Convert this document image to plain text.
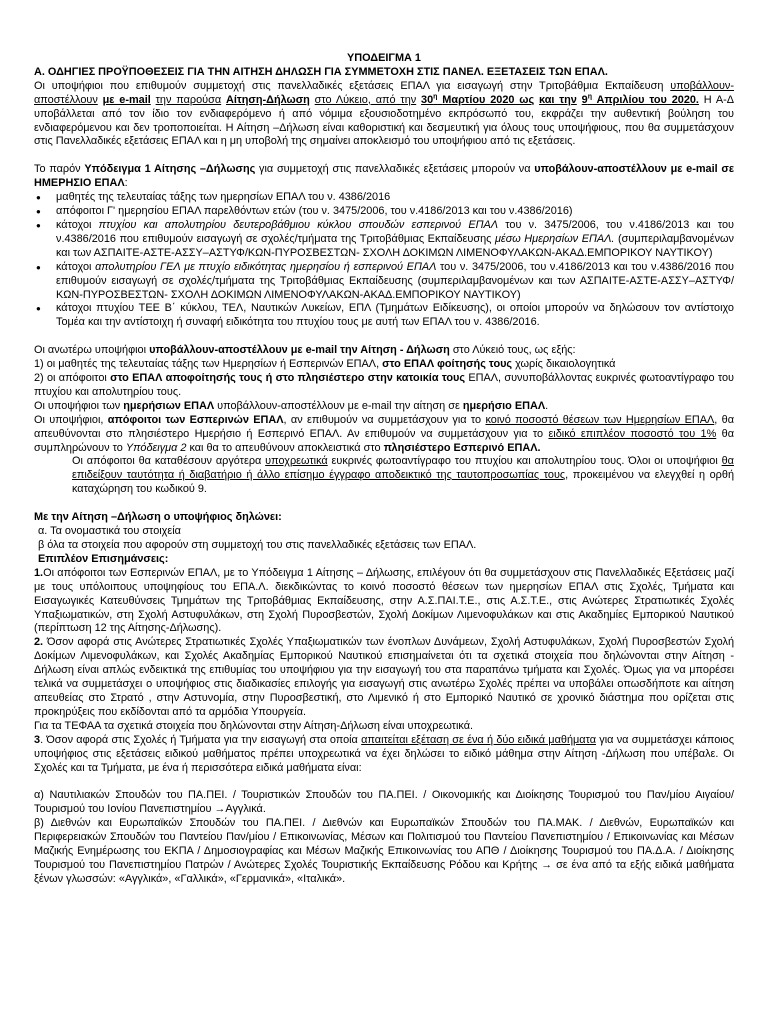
ΥΠΟΔΕΙΓΜΑ 1

Α. ΟΔΗΓΙΕΣ ΠΡΟΫΠΟΘΕΣΕΙΣ ΓΙΑ ΤΗΝ ΑΙΤΗΣΗ ΔΗΛΩΣΗ ΓΙΑ ΣΥΜΜΕΤΟΧΗ ΣΤΙΣ ΠΑΝΕΛ. ΕΞΕΤΑΣΕΙΣ ΤΩΝ ΕΠΑΛ.

Οι υποψήφιοι που επιθυμούν συμμετοχή στις πανελλαδικές εξετάσεις ΕΠΑΛ για εισαγωγή στην Τριτοβάθμια Εκπαίδευση υποβάλλουν-αποστέλλουν με e-mail την παρούσα Αίτηση-Δήλωση στο Λύκειο, από την $30^\eta$ Μαρτίου 2020 ως και την $9^\eta$ Απριλίου του 2020. Η Α-Δ υποβάλλεται από τον ίδιο τον ενδιαφερόμενο ή από νόμιμα εξουσιοδοτημένο εκπρόσωπό του, εκφράζει την αυθεντική βούληση του ενδιαφερόμενου και δεν τροποποιείται. Η Αίτηση –Δήλωση είναι καθοριστική και δεσμευτική για όλους τους υποψήφιους, που θα συμμετάσχουν στις Πανελλαδικές εξετάσεις ΕΠΑΛ και η μη υποβολή της σημαίνει αποκλεισμό του υποψήφιου από τις εξετάσεις.

Το παρόν Υπόδειγμα 1 Αίτησης –Δήλωσης για συμμετοχή στις πανελλαδικές εξετάσεις μπορούν να υποβάλουν-αποστέλλουν με e-mail σε ΗΜΕΡΗΣΙΟ ΕΠΑΛ:

● μαθητές της τελευταίας τάξης των ημερησίων ΕΠΑΛ του ν. 4386/2016
● απόφοιτοι Γ' ημερησίου ΕΠΑΛ παρελθόντων ετών (του ν. 3475/2006, του ν.4186/2013 και του ν.4386/2016)
● κάτοχοι πτυχίου και απολυτηρίου δευτεροβάθμιου κύκλου σπουδών εσπερινού ΕΠΑΛ του ν. 3475/2006, του ν.4186/2013 και του ν.4386/2016 που επιθυμούν εισαγωγή σε σχολές/τμήματα της Τριτοβάθμιας Εκπαίδευσης μέσω Ημερησίων ΕΠΑΛ. (συμπεριλαμβανομένων και των ΑΣΠΑΙΤΕ-ΑΣΤΕ-ΑΣΣΥ–ΑΣΤΥΦ/ΚΩΝ-ΠΥΡΟΣΒΕΣΤΩΝ- ΣΧΟΛΗ ΔΟΚΙΜΩΝ ΛΙΜΕΝΟΦΥΛΑΚΩΝ-ΑΚΑΔ.ΕΜΠΟΡΙΚΟΥ ΝΑΥΤΙΚΟΥ)
● κάτοχοι απολυτηρίου ΓΕΛ με πτυχίο ειδικότητας ημερησίου ή εσπερινού ΕΠΑΛ του ν. 3475/2006, του ν.4186/2013 και του ν.4386/2016 που επιθυμούν εισαγωγή σε σχολές/τμήματα της Τριτοβάθμιας Εκπαίδευσης (συμπεριλαμβανομένων και των ΑΣΠΑΙΤΕ-ΑΣΤΕ-ΑΣΣΥ–ΑΣΤΥΦ/ΚΩΝ-ΠΥΡΟΣΒΕΣΤΩΝ- ΣΧΟΛΗ ΔΟΚΙΜΩΝ ΛΙΜΕΝΟΦΥΛΑΚΩΝ-ΑΚΑΔ.ΕΜΠΟΡΙΚΟΥ ΝΑΥΤΙΚΟΥ)
● κάτοχοι πτυχίου ΤΕΕ Β΄ κύκλου, ΤΕΛ, Ναυτικών Λυκείων, ΕΠΛ (Τμημάτων Ειδίκευσης), οι οποίοι μπορούν να δηλώσουν τον αντίστοιχο Τομέα και την αντίστοιχη ή συναφή ειδικότητα του πτυχίου τους με αυτή των ΕΠΑΛ του ν. 4386/2016.

Οι ανωτέρω υποψήφιοι υποβάλλουν-αποστέλλουν με e-mail την Αίτηση - Δήλωση στο Λύκειό τους, ως εξής:

1) οι μαθητές της τελευταίας τάξης των Ημερησίων ή Εσπερινών ΕΠΑΛ, στο ΕΠΑΛ φοίτησής τους χωρίς δικαιολογητικά

2) οι απόφοιτοι στο ΕΠΑΛ αποφοίτησής τους ή στο πλησιέστερο στην κατοικία τους ΕΠΑΛ, συνυποβάλλοντας ευκρινές φωτοαντίγραφο του πτυχίου και απολυτηρίου τους.

Οι υποψήφιοι των ημερήσιων ΕΠΑΛ υποβάλλουν-αποστέλλουν με e-mail την αίτηση σε ημερήσιο ΕΠΑΛ.

Οι υποψήφιοι, απόφοιτοι των Εσπερινών ΕΠΑΛ, αν επιθυμούν να συμμετάσχουν για το κοινό ποσοστό θέσεων των Ημερησίων ΕΠΑΛ, θα απευθύνονται στο πλησιέστερο Ημερήσιο ή Εσπερινό ΕΠΑΛ. Αν επιθυμούν να συμμετάσχουν για το ειδικό επιπλέον ποσοστό του 1% θα συμπληρώνουν το Υπόδειγμα 2 και θα το απευθύνουν αποκλειστικά στο πλησιέστερο Εσπερινό ΕΠΑΛ.

Οι απόφοιτοι θα καταθέσουν αργότερα υποχρεωτικά ευκρινές φωτοαντίγραφο του πτυχίου και απολυτηρίου τους. Όλοι οι υποψήφιοι θα επιδείξουν ταυτότητα ή διαβατήριο ή άλλο επίσημο έγγραφο αποδεικτικό της ταυτοπροσωπίας τους, προκειμένου να ελεγχθεί η ορθή καταχώρηση του κωδικού 9.

Με την Αίτηση –Δήλωση ο υποψήφιος δηλώνει:

α. Τα ονομαστικά του στοιχεία

β όλα τα στοιχεία που αφορούν στη συμμετοχή του στις πανελλαδικές εξετάσεις των ΕΠΑΛ.

Επιπλέον Επισημάνσεις:

1.Οι απόφοιτοι των Εσπερινών ΕΠΑΛ, με το Υπόδειγμα 1 Αίτησης – Δήλωσης, επιλέγουν ότι θα συμμετάσχουν στις Πανελλαδικές Εξετάσεις μαζί με τους υπόλοιπους υποψηφίους του ΕΠΑ.Λ. διεκδικώντας το κοινό ποσοστό θέσεων των ημερησίων ΕΠΑΛ στις Σχολές, Τμήματα και Εισαγωγικές Κατευθύνσεις Τμημάτων της Τριτοβάθμιας Εκπαίδευσης, στην Α.Σ.ΠΑΙ.Τ.Ε., στις Α.Σ.Τ.Ε., στις Ανώτερες Στρατιωτικές Σχολές Υπαξιωματικών, στη Σχολή Αστυφυλάκων, στη Σχολή Πυροσβεστών, Σχολή Δοκίμων Λιμενοφυλάκων και στις Ακαδημίες Εμπορικού Ναυτικού (περίπτωση 12 της Αίτησης-Δήλωσης).

2. Όσον αφορά στις Ανώτερες Στρατιωτικές Σχολές Υπαξιωματικών των ένοπλων Δυνάμεων, Σχολή Αστυφυλάκων, Σχολή Πυροσβεστών Σχολή Δοκίμων Λιμενοφυλάκων, και Σχολές Ακαδημίας Εμπορικού Ναυτικού επισημαίνεται ότι τα σχετικά στοιχεία που δηλώνονται στην Αίτηση - Δήλωση είναι απλώς ενδεικτικά της επιθυμίας του υποψήφιου για την εισαγωγή του στα παραπάνω τμήματα και Σχολές. Όμως για να μπορέσει τελικά να συμμετάσχει ο υποψήφιος στις διαδικασίες επιλογής για εισαγωγή στις ανωτέρω Σχολές πρέπει να υποβάλει οπωσδήποτε και αίτηση απευθείας στο Στρατό , στην Αστυνομία, στην Πυροσβεστική, στο Λιμενικό ή στο Εμπορικό Ναυτικό σε χρονικό διάστημα που ορίζεται στις προκηρύξεις που εκδίδονται από τα αρμόδια Υπουργεία.

Για τα ΤΕΦΑΑ τα σχετικά στοιχεία που δηλώνονται στην Αίτηση-Δήλωση είναι υποχρεωτικά.

3. Όσον αφορά στις Σχολές ή Τμήματα για την εισαγωγή στα οποία απαιτείται εξέταση σε ένα ή δύο ειδικά μαθήματα για να συμμετάσχει κάποιος υποψήφιος στις εξετάσεις ειδικού μαθήματος πρέπει υποχρεωτικά να έχει δηλώσει το ειδικό μάθημα στην Αίτηση -Δήλωση που υπέβαλε. Οι Σχολές και τα Τμήματα, με ένα ή περισσότερα ειδικά μαθήματα είναι:

α) Ναυτιλιακών Σπουδών του ΠΑ.ΠΕΙ. / Τουριστικών Σπουδών του ΠΑ.ΠΕΙ. / Οικονομικής και Διοίκησης Τουρισμού του Παν/μίου Αιγαίου/Τουρισμού του Ιονίου Πανεπιστημίου →Αγγλικά.

β) Διεθνών και Ευρωπαϊκών Σπουδών του ΠΑ.ΠΕΙ. / Διεθνών και Ευρωπαϊκών Σπουδών του ΠΑ.ΜΑΚ. / Διεθνών, Ευρωπαϊκών και Περιφερειακών Σπουδών του Παντείου Παν/μίου / Επικοινωνίας, Μέσων και Πολιτισμού του Παντείου Πανεπιστημίου / Επικοινωνίας και Μέσων Μαζικής Ενημέρωσης του ΕΚΠΑ / Δημοσιογραφίας και Μέσων Μαζικής Επικοινωνίας του ΑΠΘ / Διοίκησης Τουρισμού του ΠΑ.Δ.Α. / Διοίκησης Τουρισμού του Πανεπιστημίου Πατρών / Ανώτερες Σχολές Τουριστικής Εκπαίδευσης Ρόδου και Κρήτης → σε ένα από τα εξής ειδικά μαθήματα ξένων γλωσσών: «Αγγλικά», «Γαλλικά», «Γερμανικά», «Ιταλικά».
